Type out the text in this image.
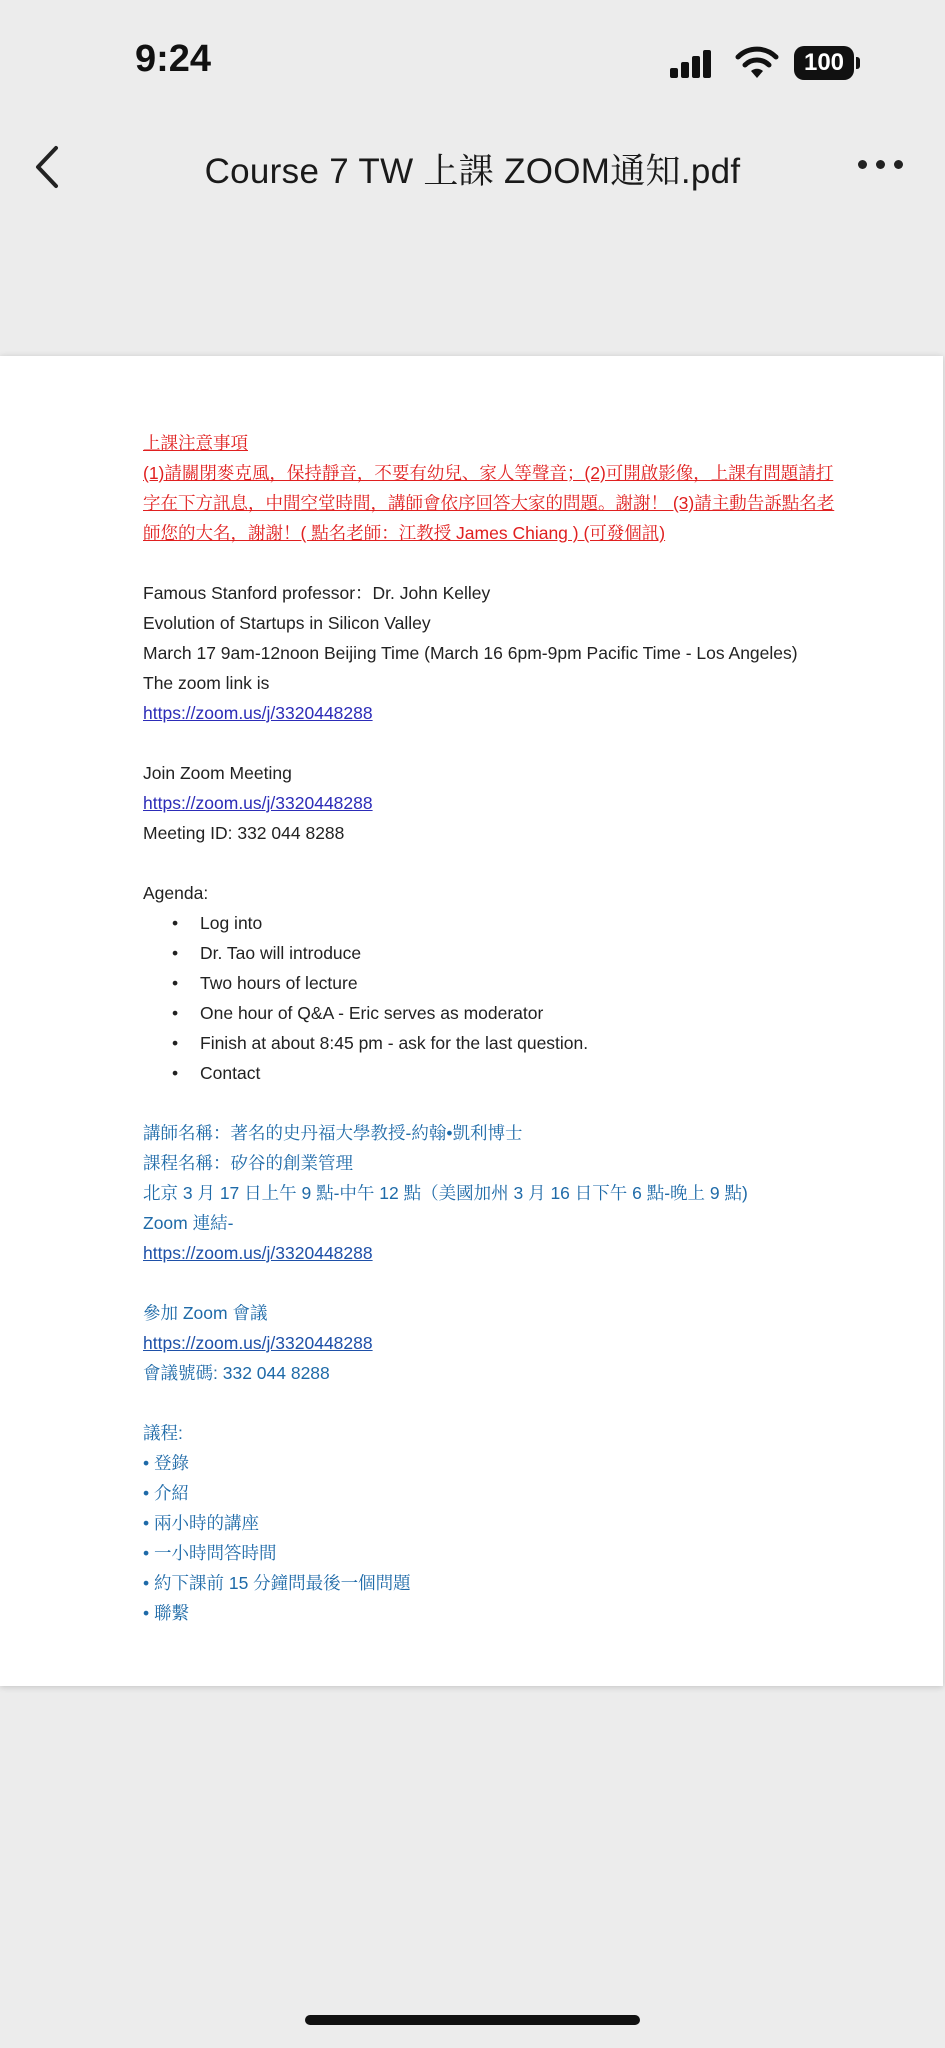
9:24	100
Course 7 TW 上課 ZOOM通知.pdf
上課注意事項
(1)請關閉麥克風，保持靜音，不要有幼兒、家人等聲音；(2)可開啟影像，上課有問題請打
字在下方訊息，中間空堂時間，講師會依序回答大家的問題。謝謝！ (3)請主動告訴點名老
師您的大名，謝謝！( 點名老師：江教授 James Chiang ) (可發個訊)
Famous Stanford professor：Dr. John Kelley
Evolution of Startups in Silicon Valley
March 17 9am-12noon Beijing Time (March 16 6pm-9pm Pacific Time - Los Angeles)
The zoom link is
https://zoom.us/j/3320448288
Join Zoom Meeting
https://zoom.us/j/3320448288
Meeting ID: 332 044 8288
Agenda:
• Log into
• Dr. Tao will introduce
• Two hours of lecture
• One hour of Q&A - Eric serves as moderator
• Finish at about 8:45 pm - ask for the last question.
• Contact
講師名稱：著名的史丹福大學教授-約翰•凱利博士
課程名稱：矽谷的創業管理
北京 3 月 17 日上午 9 點-中午 12 點（美國加州 3 月 16 日下午 6 點-晚上 9 點)
Zoom 連結-
https://zoom.us/j/3320448288
參加 Zoom 會議
https://zoom.us/j/3320448288
會議號碼: 332 044 8288
議程:
• 登錄
• 介紹
• 兩小時的講座
• 一小時問答時間
• 約下課前 15 分鐘問最後一個問題
• 聯繫
